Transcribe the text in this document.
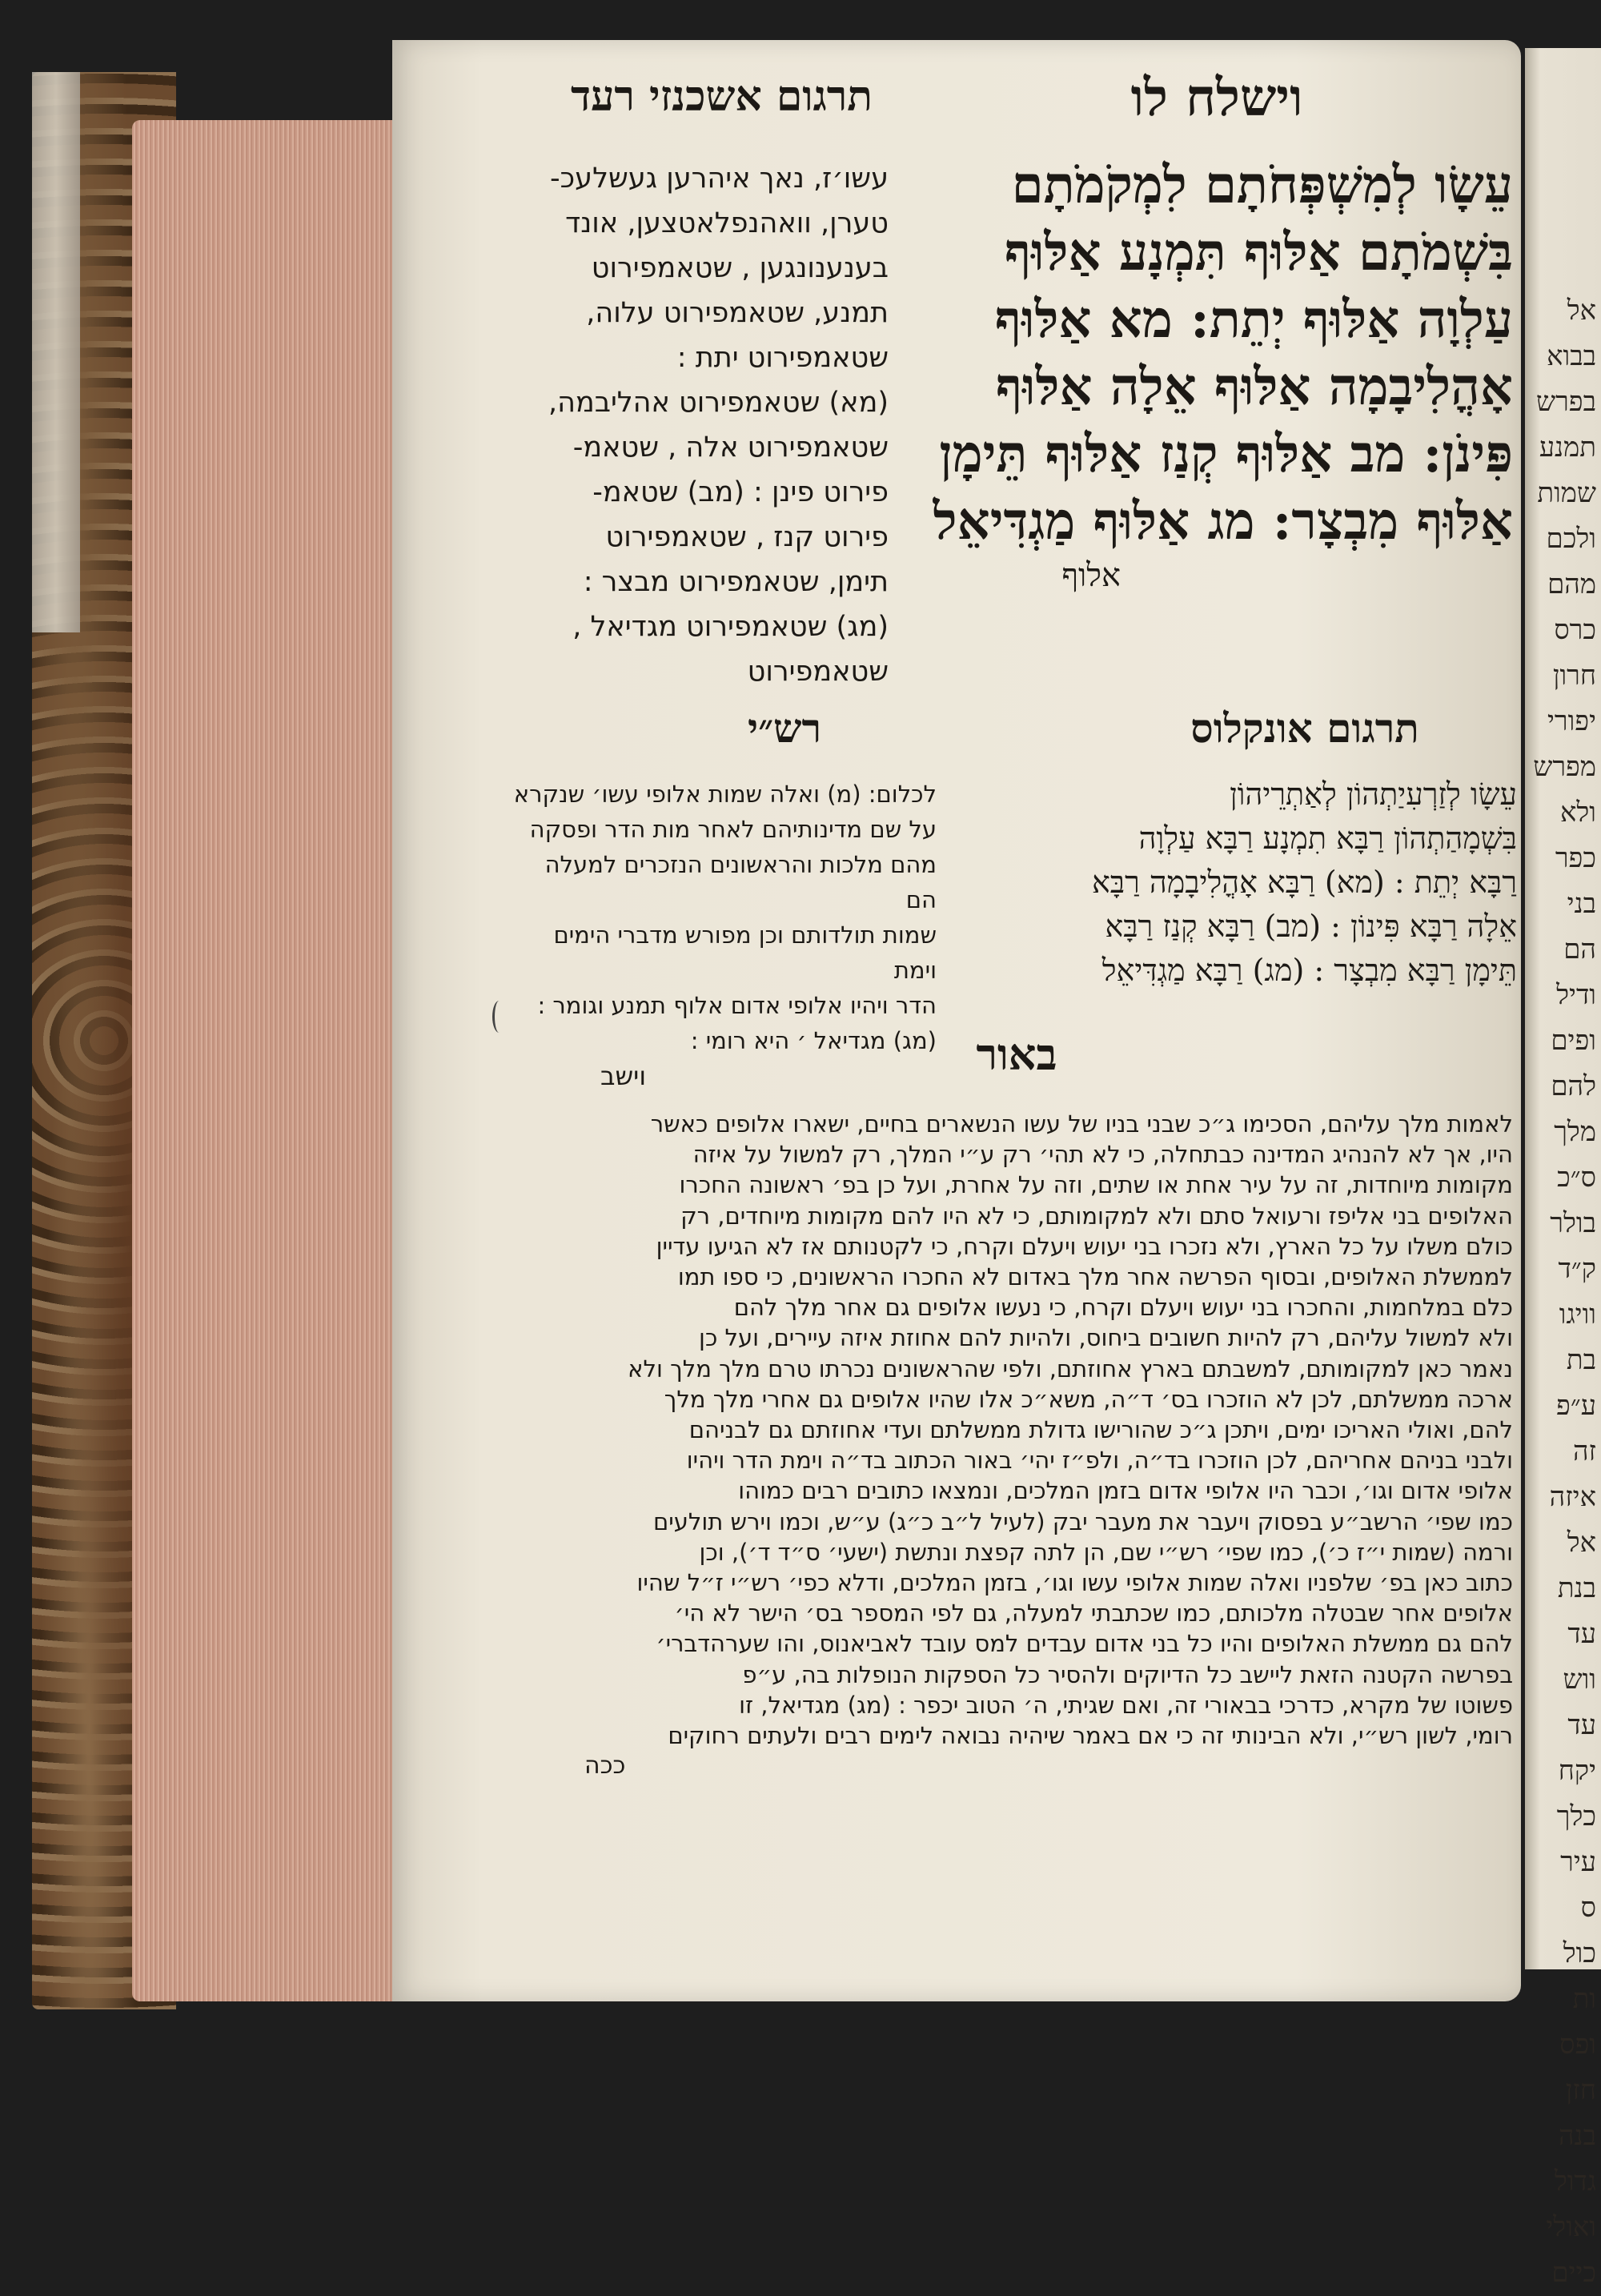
אל
בבוא
בפרש
תמנע
שמות
ולכם
מהם
כרס
חרון
יפורי
מפרש
ולא
כפר
בני
הם
ודיל
ופים
להם
מלך
ס״כ
בולר
ק״ד
וויגו
בת
ע״פ
זה
איזה
אל
בנת
עד
ווש
עד
יקח
כלך
עיר
ס
כול
ות
ופס
חזן
בנה
גדול
ואולי
כיים
תרגום אשכנזי רעד	וישלח לו
עשו׳ז, נאך איהרען געשלעכ-
טערן, וואהנפלאטצען, אונד
בענענונגען , שטאמפירוט
תמנע, שטאמפירוט עלוה,
שטאמפירוט יתת :
(מא) שטאמפירוט אהליבמה,
שטאמפירוט אלה , שטאמ-
פירוט פינן : (מב) שטאמ-
פירוט קנז , שטאמפירוט
תימן, שטאמפירוט מבצר :
(מג) שטאמפירוט מגדיאל ,
שטאמפירוט
עֵשָׂו לְמִשְׁפְּחֹתָם לִמְקֹמֹתָם
בִּשְׁמֹתָם אַלּוּף תִּמְנָע אַלּוּף
עַלְוָה אַלּוּף יְתֵת: מא אַלּוּף
אָהֳלִיבָמָה אַלּוּף אֵלָה אַלּוּף
פִּינֹן: מב אַלּוּף קְנַז אַלּוּף תֵּימָן
אַלּוּף מִבְצָר: מג אַלּוּף מַגְדִּיאֵל
אלוף
רש״י	תרגום אונקלוס
לכלום: (מ) ואלה שמות אלופי עשו׳ שנקרא
על שם מדינותיהם לאחר מות הדר ופסקה
מהם מלכות והראשונים הנזכרים למעלה הם
שמות תולדותם וכן מפורש מדברי הימים וימת
הדר ויהיו אלופי אדום אלוף תמנע וגומר :
(מג) מגדיאל ׳ היא רומי :
וישב
עֵשָׂו לְזַרְעִיַתְהוֹן לְאַתְרֵיהוֹן
בִּשְׁמָהַתְהוֹן רַבָּא תִמְנָע רַבָּא עַלְוָה
רַבָּא יְתֵת : (מא) רַבָּא אָהֳלִיבָמָה רַבָּא
אֵלָה רַבָּא פִּינוֹן : (מב) רַבָּא קְנַז רַבָּא
תֵּימָן רַבָּא מִבְצָר : (מג) רַבָּא מַגְדִּיאֵל
באור
לאמות מלך עליהם, הסכימו ג״כ שבני בניו של עשו הנשארים בחיים, ישארו אלופים כאשר
היו, אך לא להנהיג המדינה כבתחלה, כי לא תהי׳ רק ע״י המלך, רק למשול על איזה
מקומות מיוחדות, זה על עיר אחת או שתים, וזה על אחרת, ועל כן בפ׳ ראשונה החכרו
האלופים בני אליפז ורעואל סתם ולא למקומותם, כי לא היו להם מקומות מיוחדים, רק
כולם משלו על כל הארץ, ולא נזכרו בני יעוש ויעלם וקרח, כי לקטנותם אז לא הגיעו עדיין
לממשלת האלופים, ובסוף הפרשה אחר מלך באדום לא החכרו הראשונים, כי ספו תמו
כלם במלחמות, והחכרו בני יעוש ויעלם וקרח, כי נעשו אלופים גם אחר מלך להם
ולא למשול עליהם, רק להיות חשובים ביחוס, ולהיות להם אחוזת איזה עיירים, ועל כן
נאמר כאן למקומותם, למשבתם בארץ אחוזתם, ולפי שהראשונים נכרתו טרם מלך מלך ולא
ארכה ממשלתם, לכן לא הוזכרו בס׳ ד״ה, משא״כ אלו שהיו אלופים גם אחרי מלך מלך
להם, ואולי האריכו ימים, ויתכן ג״כ שהורישו גדולת ממשלתם ועדי אחוזתם גם לבניהם
ולבני בניהם אחריהם, לכן הוזכרו בד״ה, ולפ״ז יהי׳ באור הכתוב בד״ה וימת הדר ויהיו
אלופי אדום וגו׳, וכבר היו אלופי אדום בזמן המלכים, ונמצאו כתובים רבים כמוהו
כמו שפי׳ הרשב״ע בפסוק ויעבר את מעבר יבק (לעיל ל״ב כ״ג) ע״ש, וכמו וירש תולעים
ורמה (שמות י״ז כ׳), כמו שפי׳ רש״י שם, הן לתה קפצת ונתשת (ישעי׳ ס״ד ד׳), וכן
כתוב כאן בפ׳ שלפניו ואלה שמות אלופי עשו וגו׳, בזמן המלכים, ודלא כפי׳ רש״י ז״ל שהיו
אלופים אחר שבטלה מלכותם, כמו שכתבתי למעלה, גם לפי המספר בס׳ הישר לא הי׳
להם גם ממשלת האלופים והיו כל בני אדום עבדים למס עובד לאביאנוס, והו שערהדברי׳
בפרשה הקטנה הזאת ליישב כל הדיוקים ולהסיר כל הספקות הנופלות בה, ע״פ
פשוטו של מקרא, כדרכי בבאורי זה, ואם שגיתי, ה׳ הטוב יכפר : (מג) מגדיאל, זו
רומי, לשון רש״י, ולא הבינותי זה כי אם באמר שיהיה נבואה לימים רבים ולעתים רחוקים
ככה
